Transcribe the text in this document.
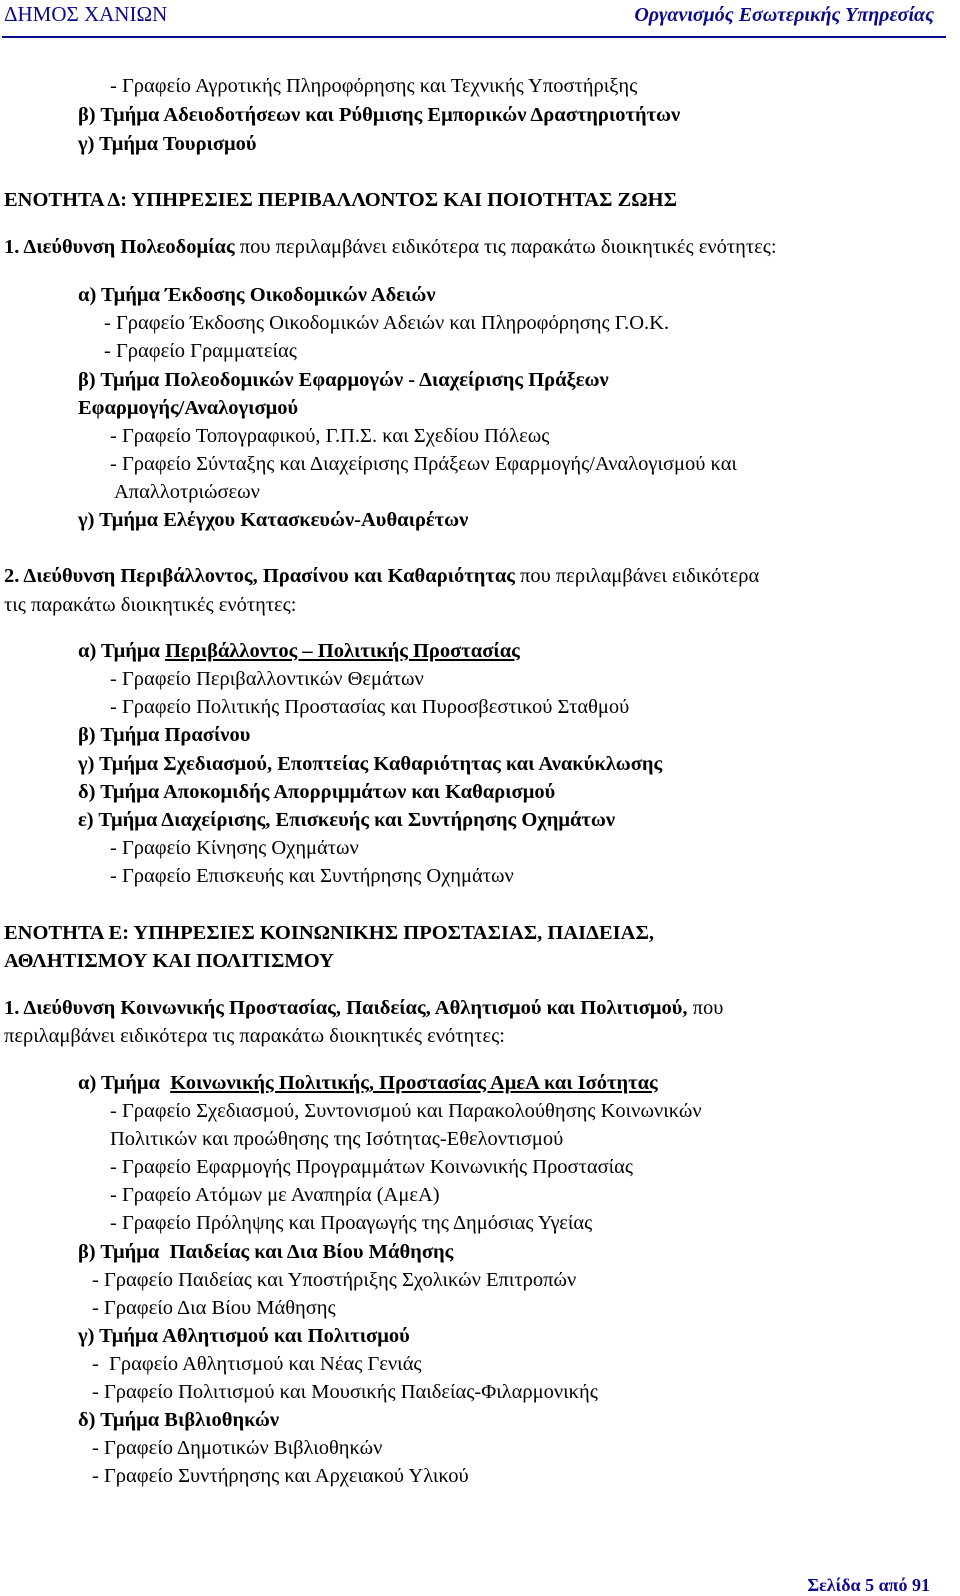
ΔΗΜΟΣ ΧΑΝΙΩΝ	Οργανισμός Εσωτερικής Υπηρεσίας
- Γραφείο Αγροτικής Πληροφόρησης και Τεχνικής Υποστήριξης
β) Τμήμα Αδειοδοτήσεων και Ρύθμισης Εμπορικών Δραστηριοτήτων
γ) Τμήμα Τουρισμού
ΕΝΟΤΗΤΑ Δ: ΥΠΗΡΕΣΙΕΣ ΠΕΡΙΒΑΛΛΟΝΤΟΣ ΚΑΙ ΠΟΙΟΤΗΤΑΣ ΖΩΗΣ
1. Διεύθυνση Πολεοδομίας που περιλαμβάνει ειδικότερα τις παρακάτω διοικητικές ενότητες:
α) Τμήμα Έκδοσης Οικοδομικών Αδειών
- Γραφείο Έκδοσης Οικοδομικών Αδειών και Πληροφόρησης Γ.Ο.Κ.
- Γραφείο Γραμματείας
β) Τμήμα Πολεοδομικών Εφαρμογών - Διαχείρισης Πράξεων
Εφαρμογής/Αναλογισμού
- Γραφείο Τοπογραφικού, Γ.Π.Σ. και Σχεδίου Πόλεως
- Γραφείο Σύνταξης και Διαχείρισης Πράξεων Εφαρμογής/Αναλογισμού και
Απαλλοτριώσεων
γ) Τμήμα Ελέγχου Κατασκευών-Αυθαιρέτων
2. Διεύθυνση Περιβάλλοντος, Πρασίνου και Καθαριότητας που περιλαμβάνει ειδικότερα
τις παρακάτω διοικητικές ενότητες:
α) Τμήμα Περιβάλλοντος – Πολιτικής Προστασίας
- Γραφείο Περιβαλλοντικών Θεμάτων
- Γραφείο Πολιτικής Προστασίας και Πυροσβεστικού Σταθμού
β) Τμήμα Πρασίνου
γ) Τμήμα Σχεδιασμού, Εποπτείας Καθαριότητας και Ανακύκλωσης
δ) Τμήμα Αποκομιδής Απορριμμάτων και Καθαρισμού
ε) Τμήμα Διαχείρισης, Επισκευής και Συντήρησης Οχημάτων
- Γραφείο Κίνησης Οχημάτων
- Γραφείο Επισκευής και Συντήρησης Οχημάτων
ΕΝΟΤΗΤΑ Ε: ΥΠΗΡΕΣΙΕΣ ΚΟΙΝΩΝΙΚΗΣ ΠΡΟΣΤΑΣΙΑΣ, ΠΑΙΔΕΙΑΣ,
ΑΘΛΗΤΙΣΜΟΥ ΚΑΙ ΠΟΛΙΤΙΣΜΟΥ
1. Διεύθυνση Κοινωνικής Προστασίας, Παιδείας, Αθλητισμού και Πολιτισμού, που
περιλαμβάνει ειδικότερα τις παρακάτω διοικητικές ενότητες:
α) Τμήμα  Κοινωνικής Πολιτικής, Προστασίας ΑμεΑ και Ισότητας
- Γραφείο Σχεδιασμού, Συντονισμού και Παρακολούθησης Κοινωνικών
Πολιτικών και προώθησης της Ισότητας-Εθελοντισμού
- Γραφείο Εφαρμογής Προγραμμάτων Κοινωνικής Προστασίας
- Γραφείο Ατόμων με Αναπηρία (ΑμεΑ)
- Γραφείο Πρόληψης και Προαγωγής της Δημόσιας Υγείας
β) Τμήμα  Παιδείας και Δια Βίου Μάθησης
- Γραφείο Παιδείας και Υποστήριξης Σχολικών Επιτροπών
- Γραφείο Δια Βίου Μάθησης
γ) Τμήμα Αθλητισμού και Πολιτισμού
-  Γραφείο Αθλητισμού και Νέας Γενιάς
- Γραφείο Πολιτισμού και Μουσικής Παιδείας-Φιλαρμονικής
δ) Τμήμα Βιβλιοθηκών
- Γραφείο Δημοτικών Βιβλιοθηκών
- Γραφείο Συντήρησης και Αρχειακού Υλικού
Σελίδα 5 από 91
